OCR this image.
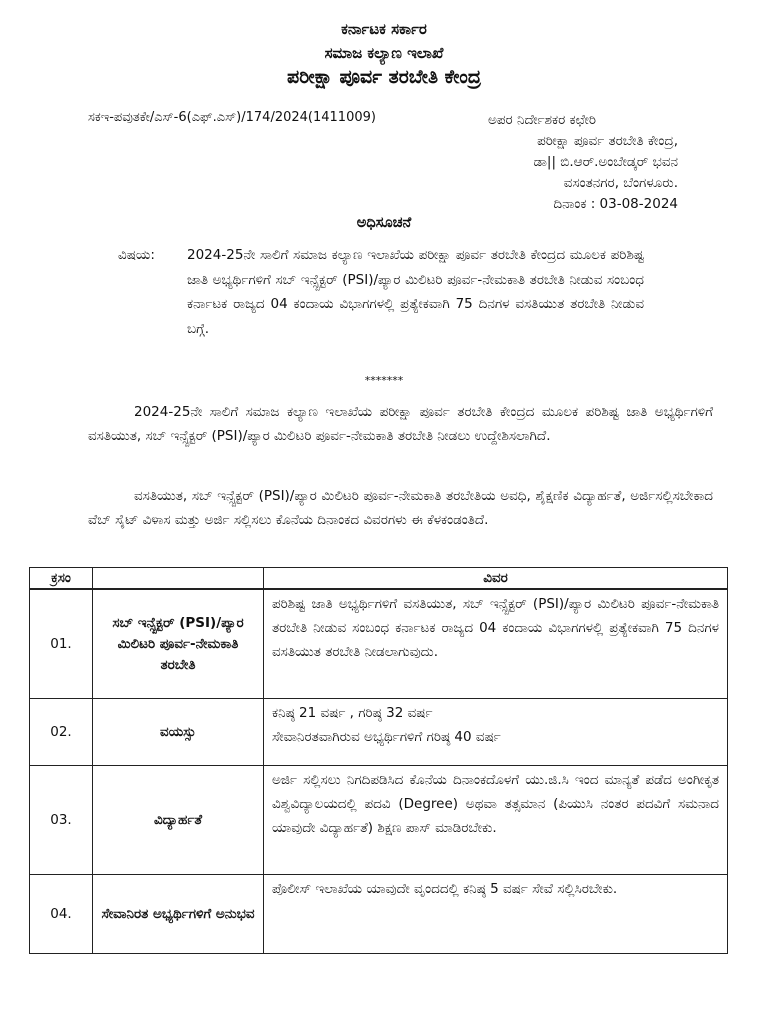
ಕರ್ನಾಟಕ ಸರ್ಕಾರ
ಸಮಾಜ ಕಲ್ಯಾಣ ಇಲಾಖೆ
ಪರೀಕ್ಷಾ ಪೂರ್ವ ತರಬೇತಿ ಕೇಂದ್ರ
ಸಕಇ-ಪವುತಕೇ/ಎಸ್-6(ಎಫ್.ಎಸ್)/174/2024(1411009)	ಅಪರ ನಿರ್ದೇಶಕರ ಕಛೇರಿ
ಪರೀಕ್ಷಾ ಪೂರ್ವ ತರಬೇತಿ ಕೇಂದ್ರ,
ಡಾ|| ಬಿ.ಆರ್.ಅಂಬೇಡ್ಕರ್ ಭವನ
ವಸಂತನಗರ, ಬೆಂಗಳೂರು.
ದಿನಾಂಕ : 03-08-2024
ಅಧಿಸೂಚನೆ
ವಿಷಯ: 2024-25ನೇ ಸಾಲಿಗೆ ಸಮಾಜ ಕಲ್ಯಾಣ ಇಲಾಖೆಯ ಪರೀಕ್ಷಾ ಪೂರ್ವ ತರಬೇತಿ ಕೇಂದ್ರದ ಮೂಲಕ ಪರಿಶಿಷ್ಟ ಜಾತಿ ಅಭ್ಯರ್ಥಿಗಳಿಗೆ ಸಬ್ ಇನ್ಸ್ಪೆಕ್ಟರ್ (PSI)/ಪ್ಯಾರ ಮಿಲಿಟರಿ ಪೂರ್ವ-ನೇಮಕಾತಿ ತರಬೇತಿ ನೀಡುವ ಸಂಬಂಧ ಕರ್ನಾಟಕ ರಾಜ್ಯದ 04 ಕಂದಾಯ ವಿಭಾಗಗಳಲ್ಲಿ ಪ್ರತ್ಯೇಕವಾಗಿ 75 ದಿನಗಳ ವಸತಿಯುತ ತರಬೇತಿ ನೀಡುವ ಬಗ್ಗೆ.
*******
2024-25ನೇ ಸಾಲಿಗೆ ಸಮಾಜ ಕಲ್ಯಾಣ ಇಲಾಖೆಯ ಪರೀಕ್ಷಾ ಪೂರ್ವ ತರಬೇತಿ ಕೇಂದ್ರದ ಮೂಲಕ ಪರಿಶಿಷ್ಟ ಜಾತಿ ಅಭ್ಯರ್ಥಿಗಳಿಗೆ ವಸತಿಯುತ, ಸಬ್ ಇನ್ಸ್ಪೆಕ್ಟರ್ (PSI)/ಪ್ಯಾರ ಮಿಲಿಟರಿ ಪೂರ್ವ-ನೇಮಕಾತಿ ತರಬೇತಿ ನೀಡಲು ಉದ್ದೇಶಿಸಲಾಗಿದೆ.
ವಸತಿಯುತ, ಸಬ್ ಇನ್ಸ್ಪೆಕ್ಟರ್ (PSI)/ಪ್ಯಾರ ಮಿಲಿಟರಿ ಪೂರ್ವ-ನೇಮಕಾತಿ ತರಬೇತಿಯ ಅವಧಿ, ಶೈಕ್ಷಣಿಕ ವಿದ್ಯಾರ್ಹತೆ, ಅರ್ಜಿಸಲ್ಲಿಸಬೇಕಾದ ವೆಬ್ ಸೈಟ್ ವಿಳಾಸ ಮತ್ತು ಅರ್ಜಿ ಸಲ್ಲಿಸಲು ಕೊನೆಯ ದಿನಾಂಕದ ವಿವರಗಳು ಈ ಕೆಳಕಂಡಂತಿದೆ.
ಕ್ರಸಂ		ವಿವರ

01.	ಸಬ್ ಇನ್ಸ್ಪೆಕ್ಟರ್ (PSI)/ಪ್ಯಾರ ಮಿಲಿಟರಿ ಪೂರ್ವ-ನೇಮಕಾತಿ ತರಬೇತಿ	ಪರಿಶಿಷ್ಟ ಜಾತಿ ಅಭ್ಯರ್ಥಿಗಳಿಗೆ ವಸತಿಯುತ, ಸಬ್ ಇನ್ಸ್ಪೆಕ್ಟರ್ (PSI)/ಪ್ಯಾರ ಮಿಲಿಟರಿ ಪೂರ್ವ-ನೇಮಕಾತಿ ತರಬೇತಿ ನೀಡುವ ಸಂಬಂಧ ಕರ್ನಾಟಕ ರಾಜ್ಯದ 04 ಕಂದಾಯ ವಿಭಾಗಗಳಲ್ಲಿ ಪ್ರತ್ಯೇಕವಾಗಿ 75 ದಿನಗಳ ವಸತಿಯುತ ತರಬೇತಿ ನೀಡಲಾಗುವುದು.
02.	ವಯಸ್ಸು	ಕನಿಷ್ಠ 21 ವರ್ಷ , ಗರಿಷ್ಠ 32 ವರ್ಷ
ಸೇವಾನಿರತವಾಗಿರುವ ಅಭ್ಯರ್ಥಿಗಳಿಗೆ ಗರಿಷ್ಠ 40 ವರ್ಷ

03.	ವಿದ್ಯಾರ್ಹತೆ	ಅರ್ಜಿ ಸಲ್ಲಿಸಲು ನಿಗದಿಪಡಿಸಿದ ಕೊನೆಯ ದಿನಾಂಕದೊಳಗೆ ಯು.ಜಿ.ಸಿ ಇಂದ ಮಾನ್ಯತೆ ಪಡೆದ ಅಂಗೀಕೃತ ವಿಶ್ವವಿದ್ಯಾಲಯದಲ್ಲಿ ಪದವಿ (Degree) ಅಥವಾ ತತ್ಸಮಾನ (ಪಿಯುಸಿ ನಂತರ ಪದವಿಗೆ ಸಮನಾದ ಯಾವುದೇ ವಿದ್ಯಾರ್ಹತೆ) ಶಿಕ್ಷಣ ಪಾಸ್ ಮಾಡಿರಬೇಕು.
04.	ಸೇವಾನಿರತ ಅಭ್ಯರ್ಥಿಗಳಿಗೆ ಅನುಭವ	ಪೊಲೀಸ್ ಇಲಾಖೆಯ ಯಾವುದೇ ವೃಂದದಲ್ಲಿ ಕನಿಷ್ಠ 5 ವರ್ಷ ಸೇವೆ ಸಲ್ಲಿಸಿರಬೇಕು.
